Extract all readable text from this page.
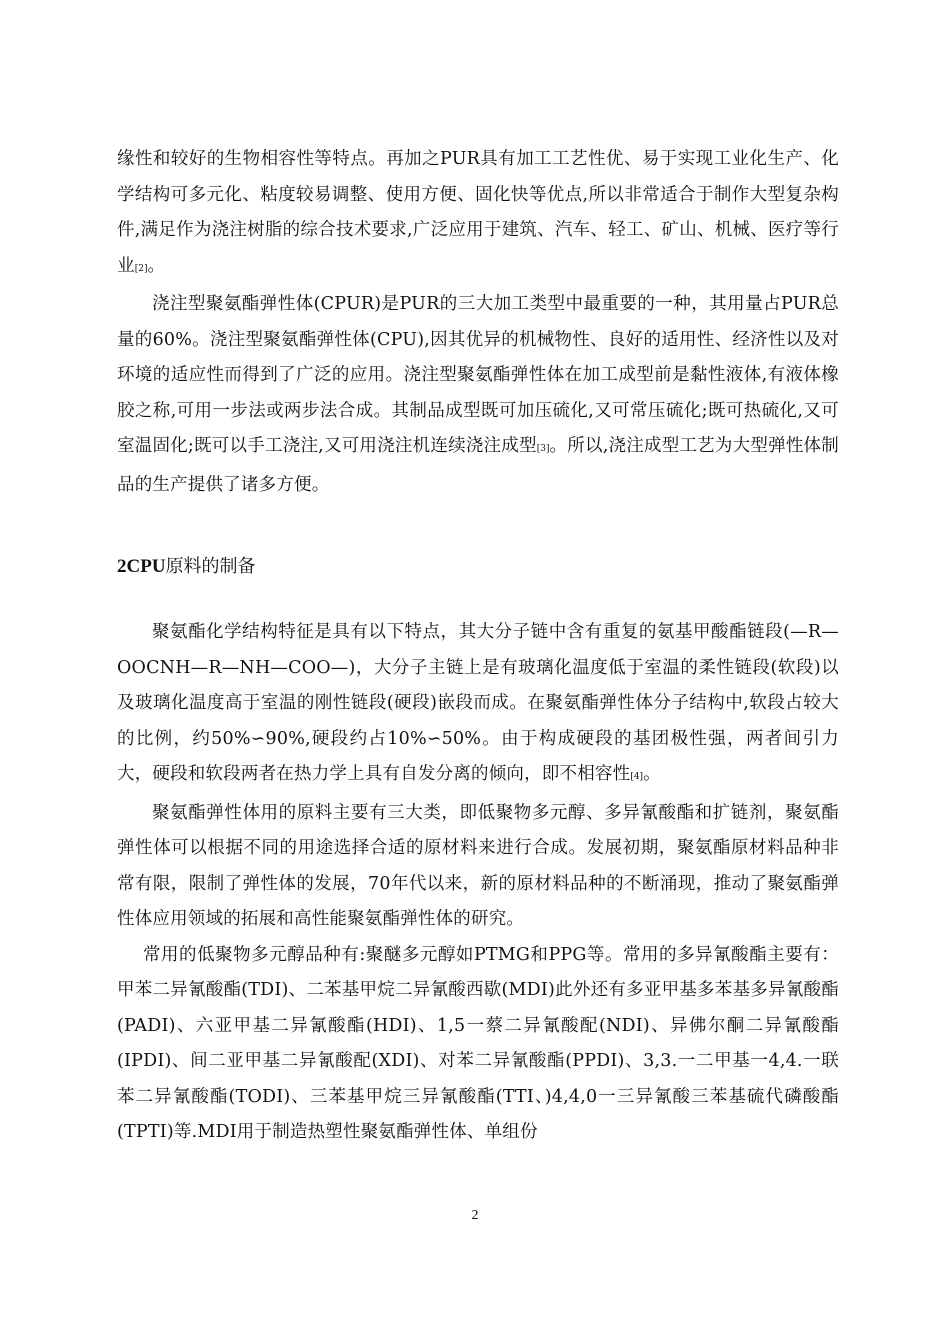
缘性和较好的生物相容性等特点。再加之PUR具有加工工艺性优、易于实现工业化生产、化学结构可多元化、粘度较易调整、使用方便、固化快等优点,所以非常适合于制作大型复杂构件,满足作为浇注树脂的综合技术要求,广泛应用于建筑、汽车、轻工、矿山、机械、医疗等行业[2]。

浇注型聚氨酯弹性体(CPUR)是PUR的三大加工类型中最重要的一种，其用量占PUR总量的60%。浇注型聚氨酯弹性体(CPU),因其优异的机械物性、良好的适用性、经济性以及对环境的适应性而得到了广泛的应用。浇注型聚氨酯弹性体在加工成型前是黏性液体,有液体橡胶之称,可用一步法或两步法合成。其制品成型既可加压硫化,又可常压硫化;既可热硫化,又可室温固化;既可以手工浇注,又可用浇注机连续浇注成型[3]。所以,浇注成型工艺为大型弹性体制品的生产提供了诸多方便。

2CPU原料的制备

聚氨酯化学结构特征是具有以下特点，其大分子链中含有重复的氨基甲酸酯链段(—R—OOCNH—R—NH—COO—)，大分子主链上是有玻璃化温度低于室温的柔性链段(软段)以及玻璃化温度高于室温的刚性链段(硬段)嵌段而成。在聚氨酯弹性体分子结构中,软段占较大的比例，约50%∽90%,硬段约占10%∽50%。由于构成硬段的基团极性强，两者间引力大，硬段和软段两者在热力学上具有自发分离的倾向，即不相容性[4]。

聚氨酯弹性体用的原料主要有三大类，即低聚物多元醇、多异氰酸酯和扩链剂，聚氨酯弹性体可以根据不同的用途选择合适的原材料来进行合成。发展初期，聚氨酯原材料品种非常有限，限制了弹性体的发展，70年代以来，新的原材料品种的不断涌现，推动了聚氨酯弹性体应用领域的拓展和高性能聚氨酯弹性体的研究。

常用的低聚物多元醇品种有:聚醚多元醇如PTMG和PPG等。常用的多异氰酸酯主要有：甲苯二异氰酸酯(TDI)、二苯基甲烷二异氰酸西歇(MDI)此外还有多亚甲基多苯基多异氰酸酯(PADI)、六亚甲基二异氰酸酯(HDI)、1,5一蔡二异氰酸配(NDI)、异佛尔酮二异氰酸酯(IPDI)、间二亚甲基二异氰酸配(XDI)、对苯二异氰酸酯(PPDI)、3,3.一二甲基一4,4.一联苯二异氰酸酯(TODI)、三苯基甲烷三异氰酸酯(TTI、)4,4,0一三异氰酸三苯基硫代磷酸酯(TPTI)等.MDI用于制造热塑性聚氨酯弹性体、单组份

2
